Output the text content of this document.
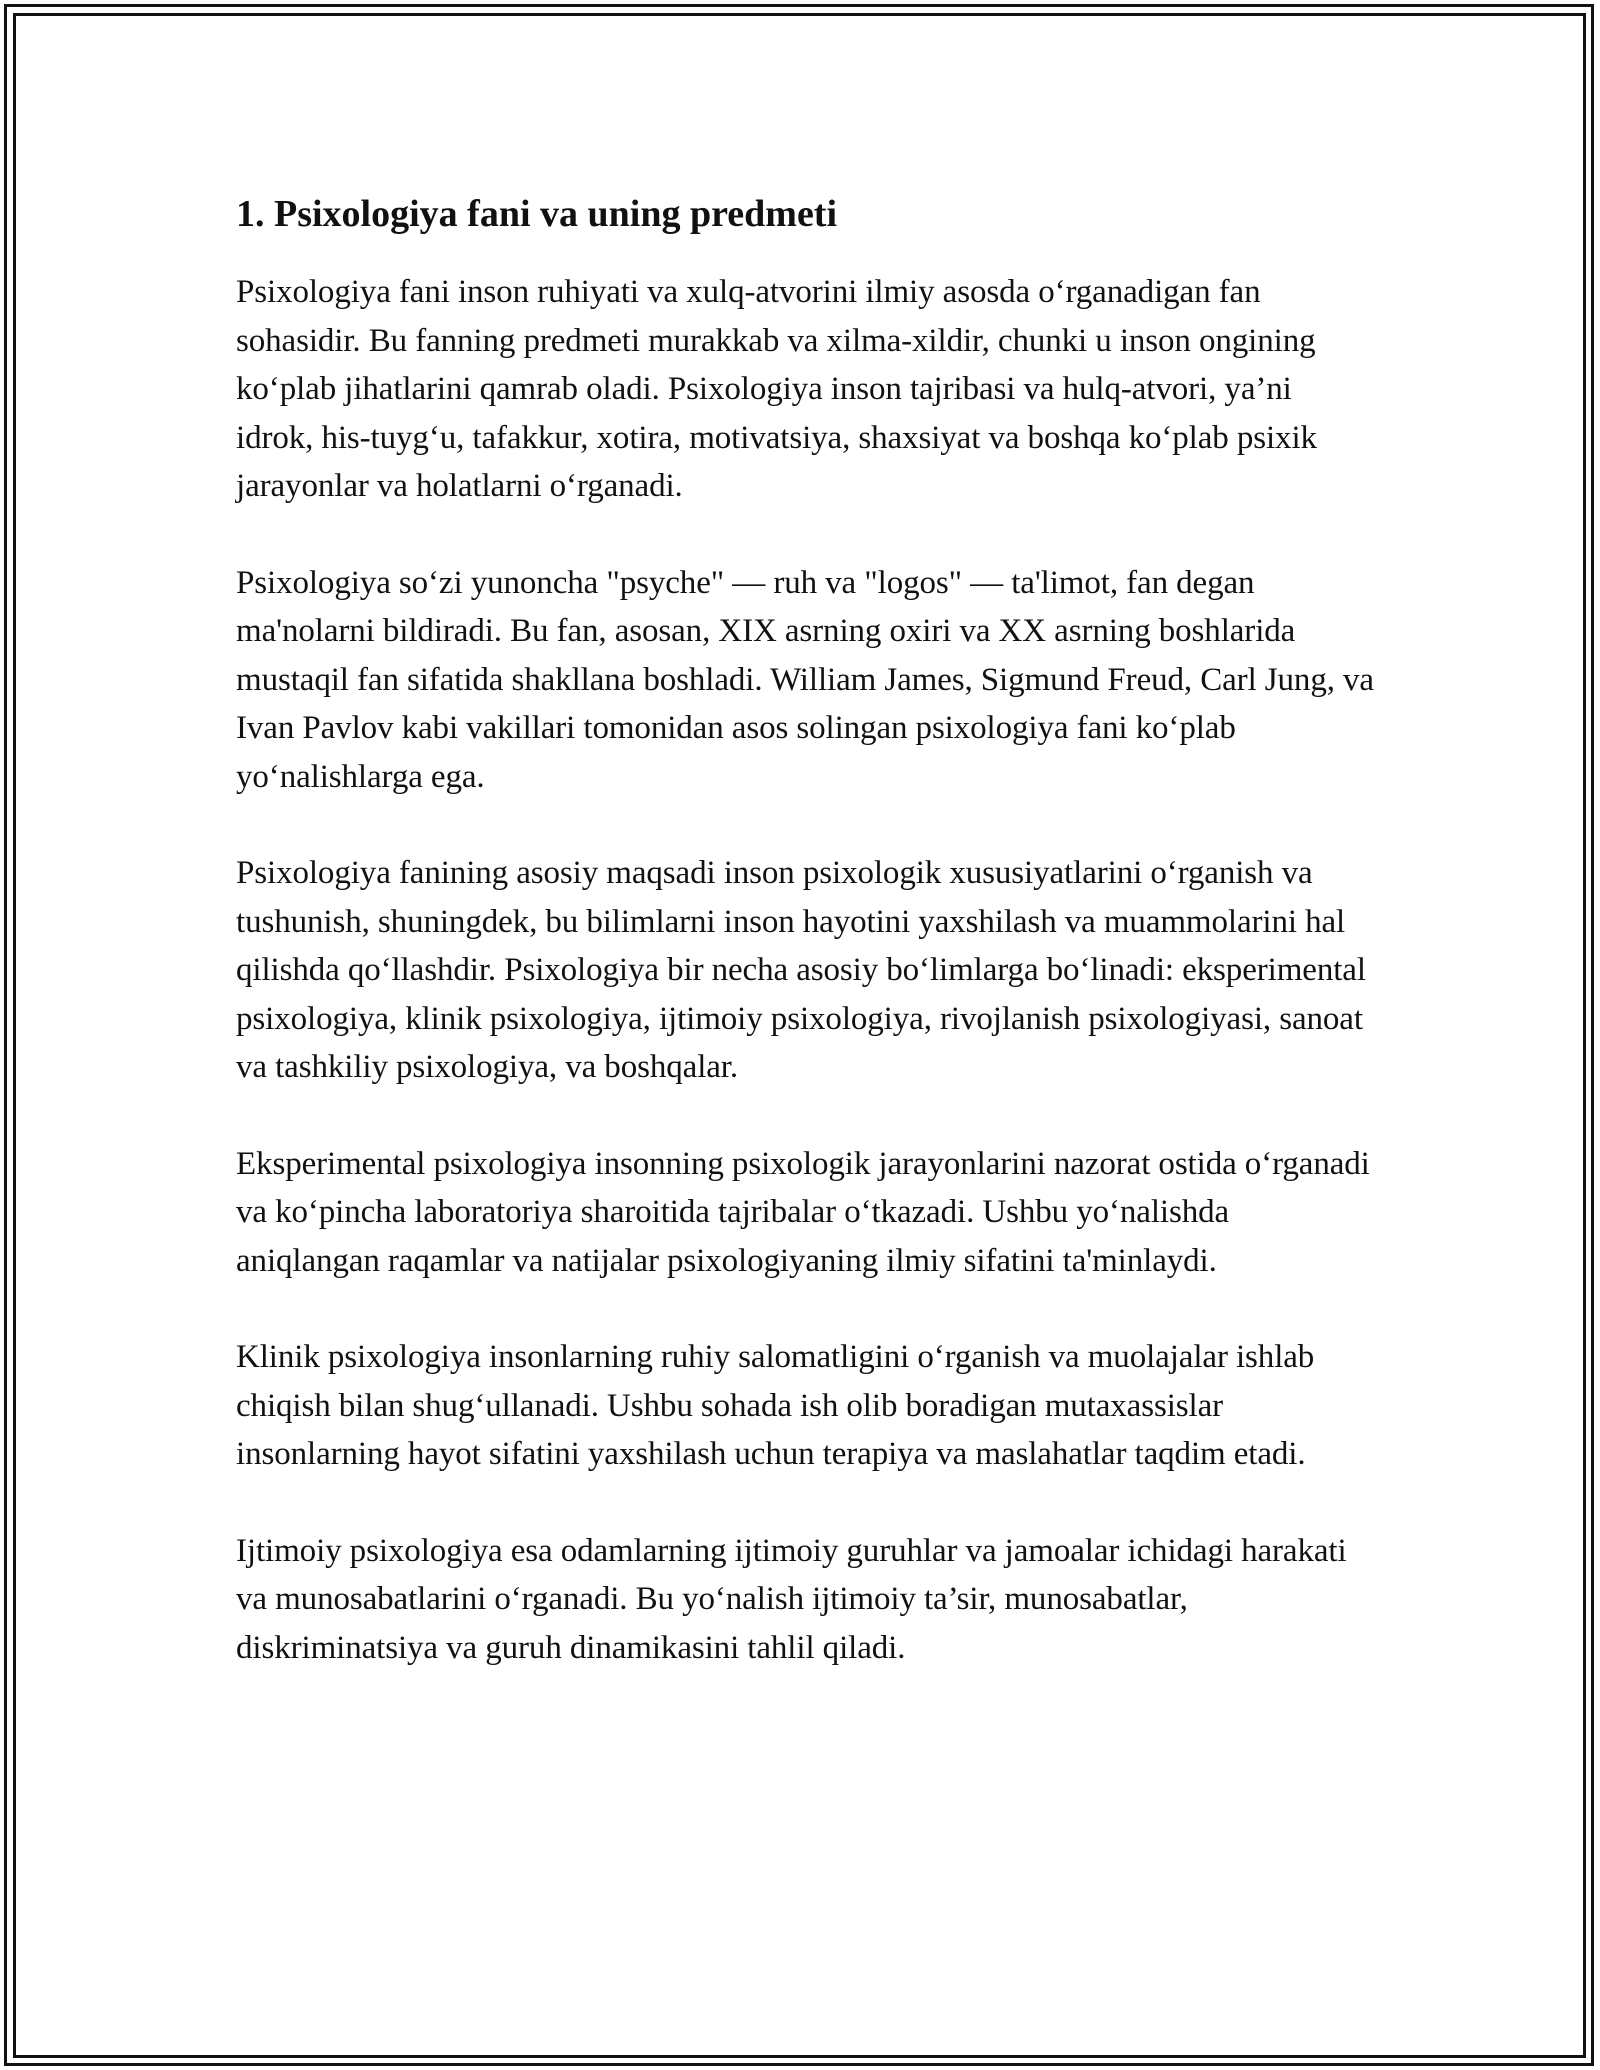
1. Psixologiya fani va uning predmeti

Psixologiya fani inson ruhiyati va xulq-atvorini ilmiy asosda o‘rganadigan fan sohasidir. Bu fanning predmeti murakkab va xilma-xildir, chunki u inson ongining ko‘plab jihatlarini qamrab oladi. Psixologiya inson tajribasi va hulq-atvori, ya’ni idrok, his-tuyg‘u, tafakkur, xotira, motivatsiya, shaxsiyat va boshqa ko‘plab psixik jarayonlar va holatlarni o‘rganadi.

Psixologiya so‘zi yunoncha "psyche" — ruh va "logos" — ta'limot, fan degan ma'nolarni bildiradi. Bu fan, asosan, XIX asrning oxiri va XX asrning boshlarida mustaqil fan sifatida shakllana boshladi. William James, Sigmund Freud, Carl Jung, va Ivan Pavlov kabi vakillari tomonidan asos solingan psixologiya fani ko‘plab yo‘nalishlarga ega.

Psixologiya fanining asosiy maqsadi inson psixologik xususiyatlarini o‘rganish va tushunish, shuningdek, bu bilimlarni inson hayotini yaxshilash va muammolarini hal qilishda qo‘llashdir. Psixologiya bir necha asosiy bo‘limlarga bo‘linadi: eksperimental psixologiya, klinik psixologiya, ijtimoiy psixologiya, rivojlanish psixologiyasi, sanoat va tashkiliy psixologiya, va boshqalar.

Eksperimental psixologiya insonning psixologik jarayonlarini nazorat ostida o‘rganadi va ko‘pincha laboratoriya sharoitida tajribalar o‘tkazadi. Ushbu yo‘nalishda aniqlangan raqamlar va natijalar psixologiyaning ilmiy sifatini ta'minlaydi.

Klinik psixologiya insonlarning ruhiy salomatligini o‘rganish va muolajalar ishlab chiqish bilan shug‘ullanadi. Ushbu sohada ish olib boradigan mutaxassislar insonlarning hayot sifatini yaxshilash uchun terapiya va maslahatlar taqdim etadi.

Ijtimoiy psixologiya esa odamlarning ijtimoiy guruhlar va jamoalar ichidagi harakati va munosabatlarini o‘rganadi. Bu yo‘nalish ijtimoiy ta’sir, munosabatlar, diskriminatsiya va guruh dinamikasini tahlil qiladi.
